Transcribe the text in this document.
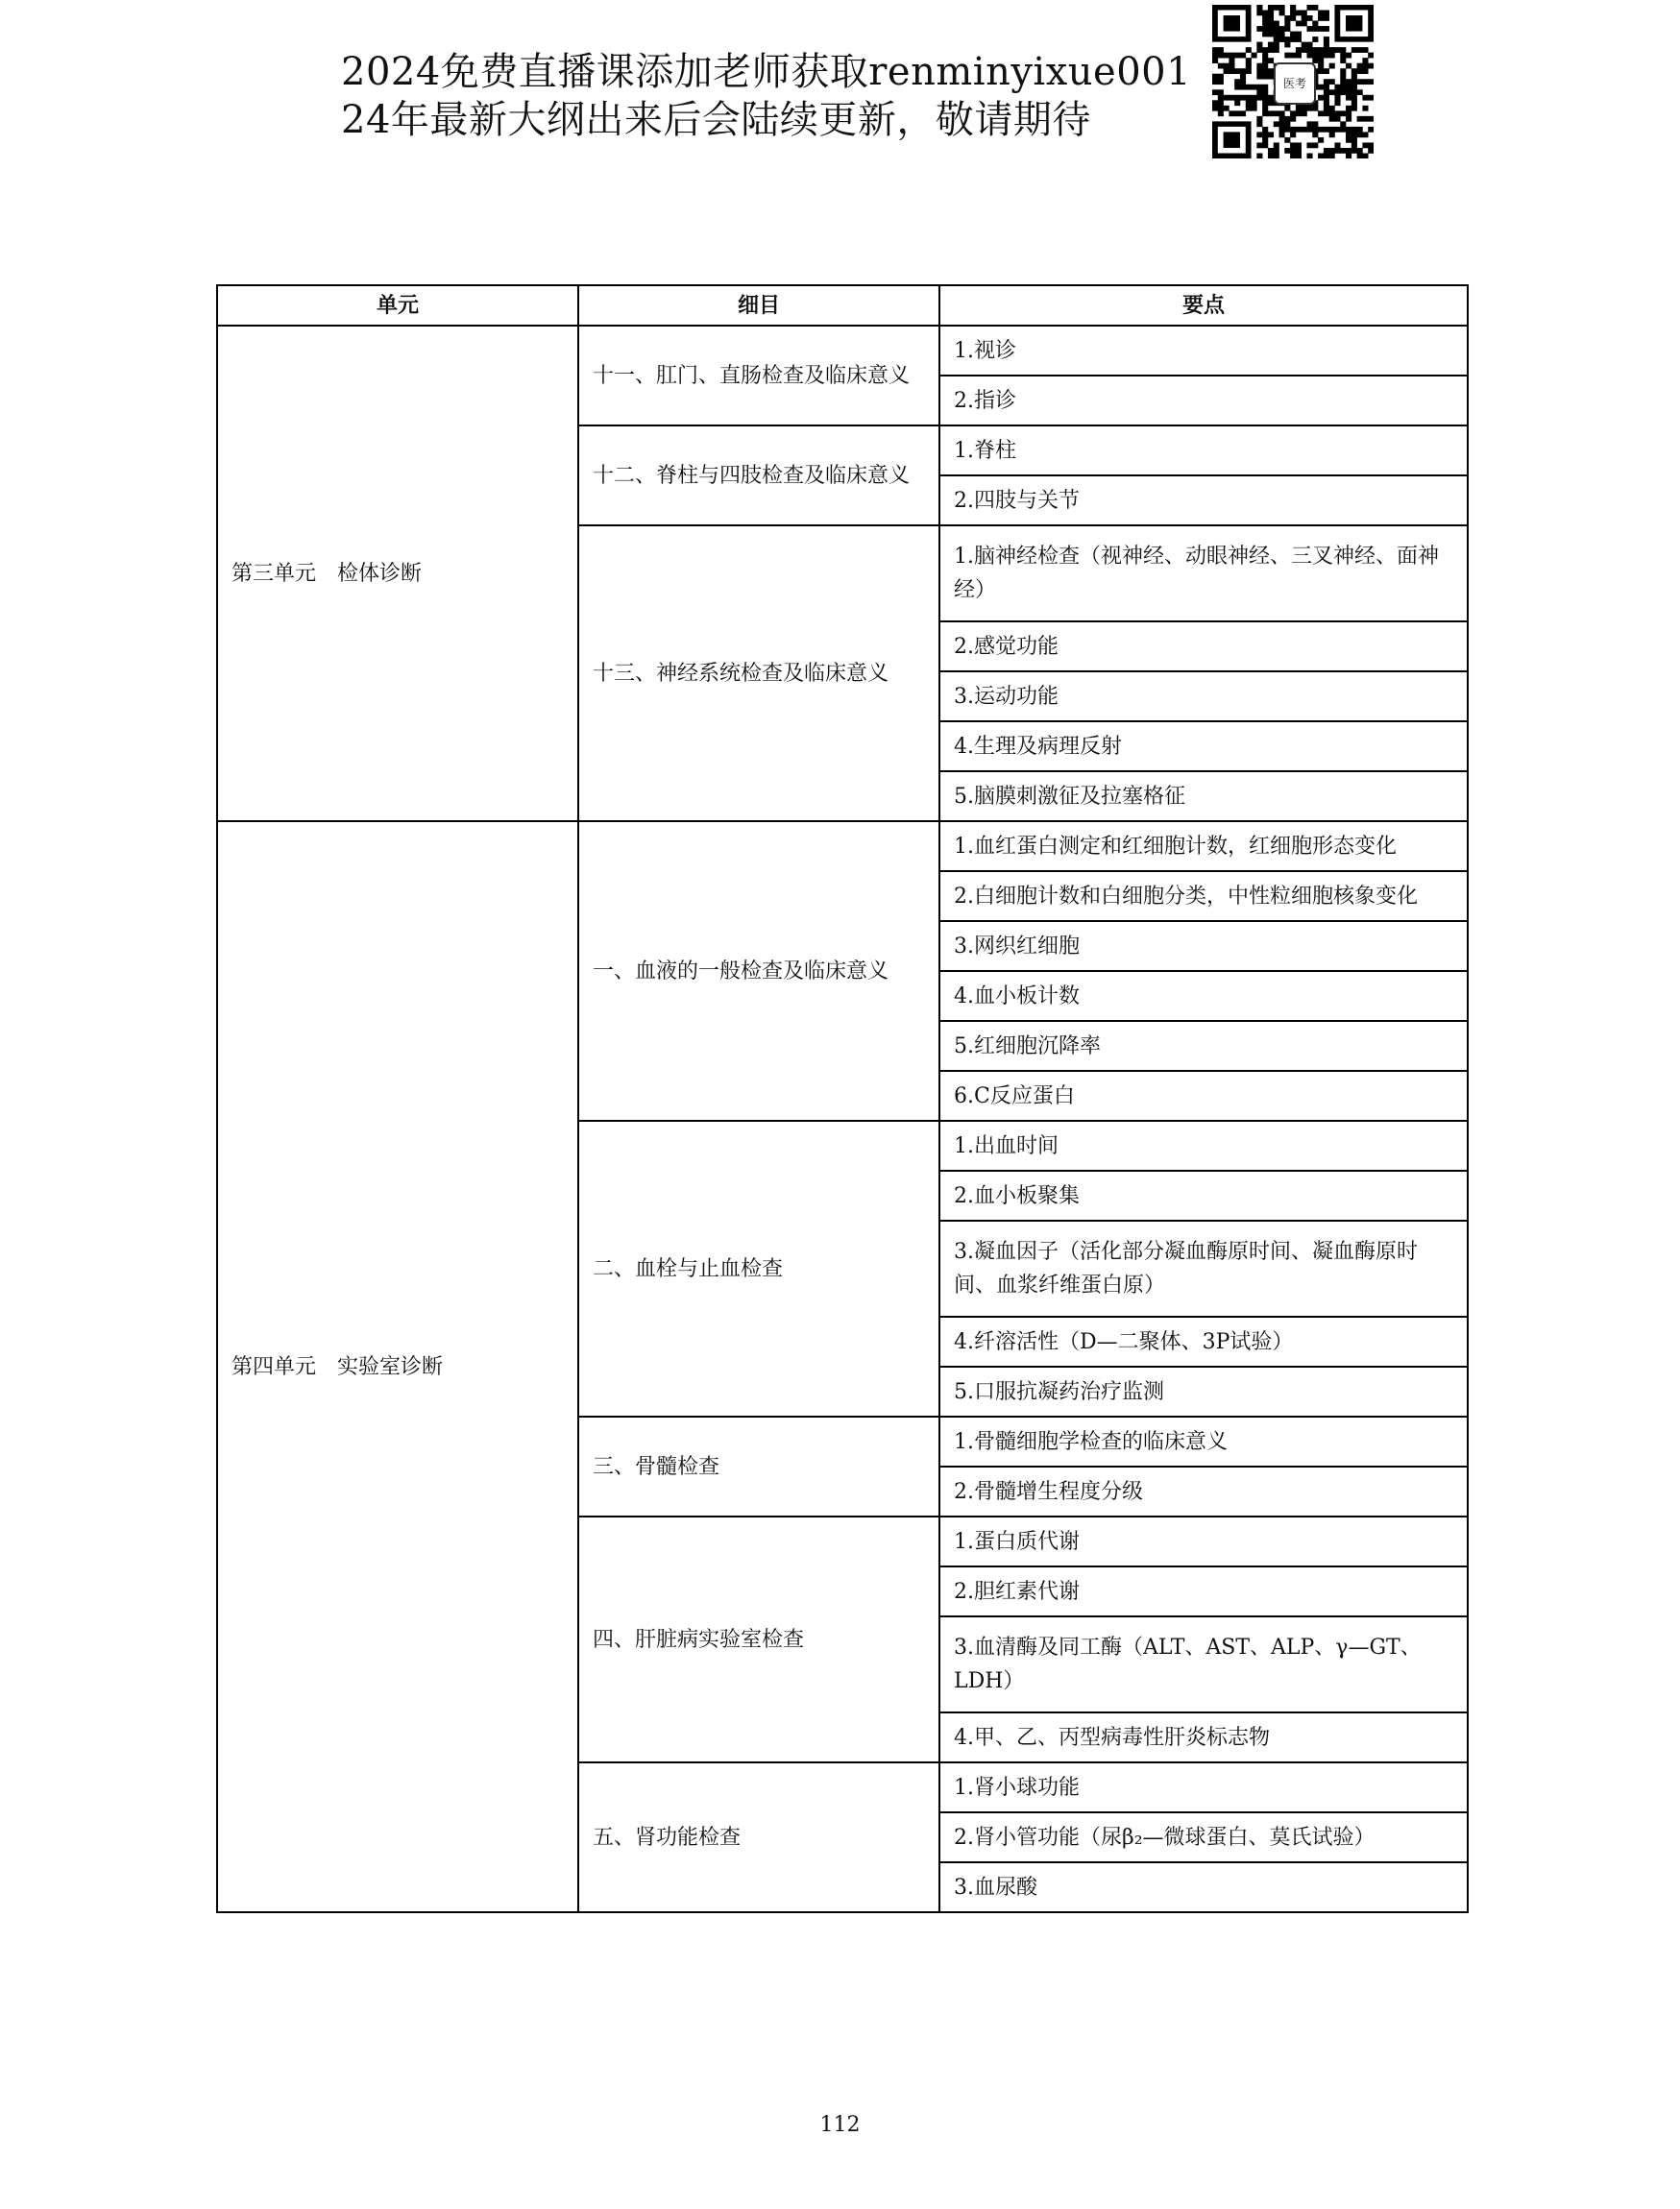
2024免费直播课添加老师获取renminyixue001
24年最新大纲出来后会陆续更新，敬请期待
医考
单元	细目	要点
第三单元　检体诊断	十一、肛门、直肠检查及临床意义	1.视诊
		2.指诊
	十二、脊柱与四肢检查及临床意义	1.脊柱
		2.四肢与关节
	十三、神经系统检查及临床意义	1.脑神经检查（视神经、动眼神经、三叉神经、面神经）
		2.感觉功能
		3.运动功能
		4.生理及病理反射
		5.脑膜刺激征及拉塞格征
第四单元　实验室诊断	一、血液的一般检查及临床意义	1.血红蛋白测定和红细胞计数，红细胞形态变化
		2.白细胞计数和白细胞分类，中性粒细胞核象变化
		3.网织红细胞
		4.血小板计数
		5.红细胞沉降率
		6.C反应蛋白
	二、血栓与止血检查	1.出血时间
		2.血小板聚集
		3.凝血因子（活化部分凝血酶原时间、凝血酶原时间、血浆纤维蛋白原）
		4.纤溶活性（D—二聚体、3P试验）
		5.口服抗凝药治疗监测
	三、骨髓检查	1.骨髓细胞学检查的临床意义
		2.骨髓增生程度分级
	四、肝脏病实验室检查	1.蛋白质代谢
		2.胆红素代谢
		3.血清酶及同工酶（ALT、AST、ALP、γ—GT、LDH）
		4.甲、乙、丙型病毒性肝炎标志物
	五、肾功能检查	1.肾小球功能
		2.肾小管功能（尿β₂—微球蛋白、莫氏试验）
		3.血尿酸
112
